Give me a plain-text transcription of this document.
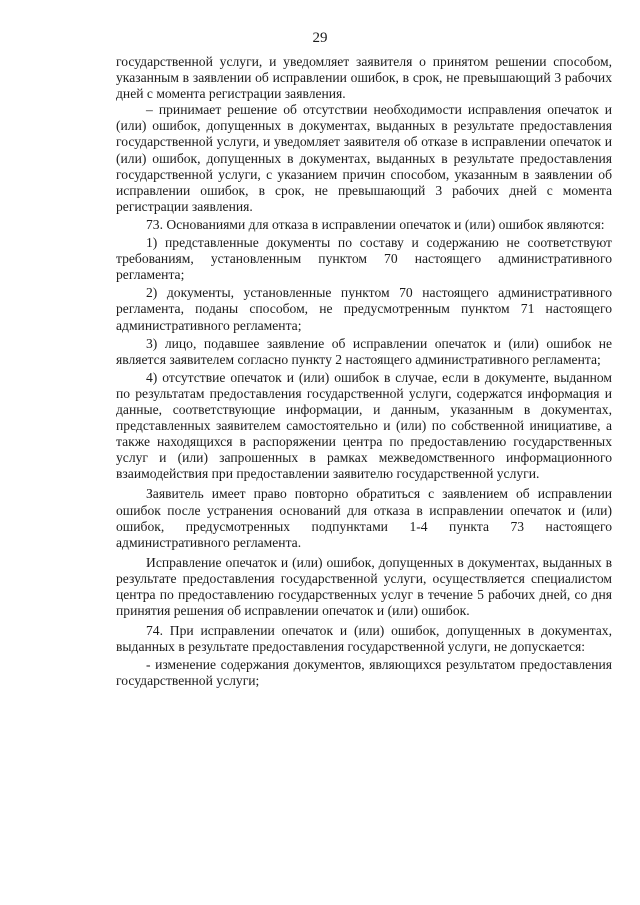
29

государственной услуги, и уведомляет заявителя о принятом решении способом, указанным в заявлении об исправлении ошибок, в срок, не превышающий 3 рабочих дней с момента регистрации заявления.

– принимает решение об отсутствии необходимости исправления опечаток и (или) ошибок, допущенных в документах, выданных в результате предоставления государственной услуги, и уведомляет заявителя об отказе в исправлении опечаток и (или) ошибок, допущенных в документах, выданных в результате предоставления государственной услуги, с указанием причин способом, указанным в заявлении об исправлении ошибок, в срок, не превышающий 3 рабочих дней с момента регистрации заявления.

73. Основаниями для отказа в исправлении опечаток и (или) ошибок являются:

1) представленные документы по составу и содержанию не соответствуют требованиям, установленным пунктом 70 настоящего административного регламента;

2) документы, установленные пунктом 70 настоящего административного регламента, поданы способом, не предусмотренным пунктом 71 настоящего административного регламента;

3) лицо, подавшее заявление об исправлении опечаток и (или) ошибок не является заявителем согласно пункту 2 настоящего административного регламента;

4) отсутствие опечаток и (или) ошибок в случае, если в документе, выданном по результатам предоставления государственной услуги, содержатся информация и данные, соответствующие информации, и данным, указанным в документах, представленных заявителем самостоятельно и (или) по собственной инициативе, а также находящихся в распоряжении центра по предоставлению государственных услуг и (или) запрошенных в рамках межведомственного информационного взаимодействия при предоставлении заявителю государственной услуги.

Заявитель имеет право повторно обратиться с заявлением об исправлении ошибок после устранения оснований для отказа в исправлении опечаток и (или) ошибок, предусмотренных подпунктами 1-4 пункта 73 настоящего административного регламента.

Исправление опечаток и (или) ошибок, допущенных в документах, выданных в результате предоставления государственной услуги, осуществляется специалистом центра по предоставлению государственных услуг в течение 5 рабочих дней, со дня принятия решения об исправлении опечаток и (или) ошибок.

74. При исправлении опечаток и (или) ошибок, допущенных в документах, выданных в результате предоставления государственной услуги, не допускается:

- изменение содержания документов, являющихся результатом предоставления государственной услуги;
